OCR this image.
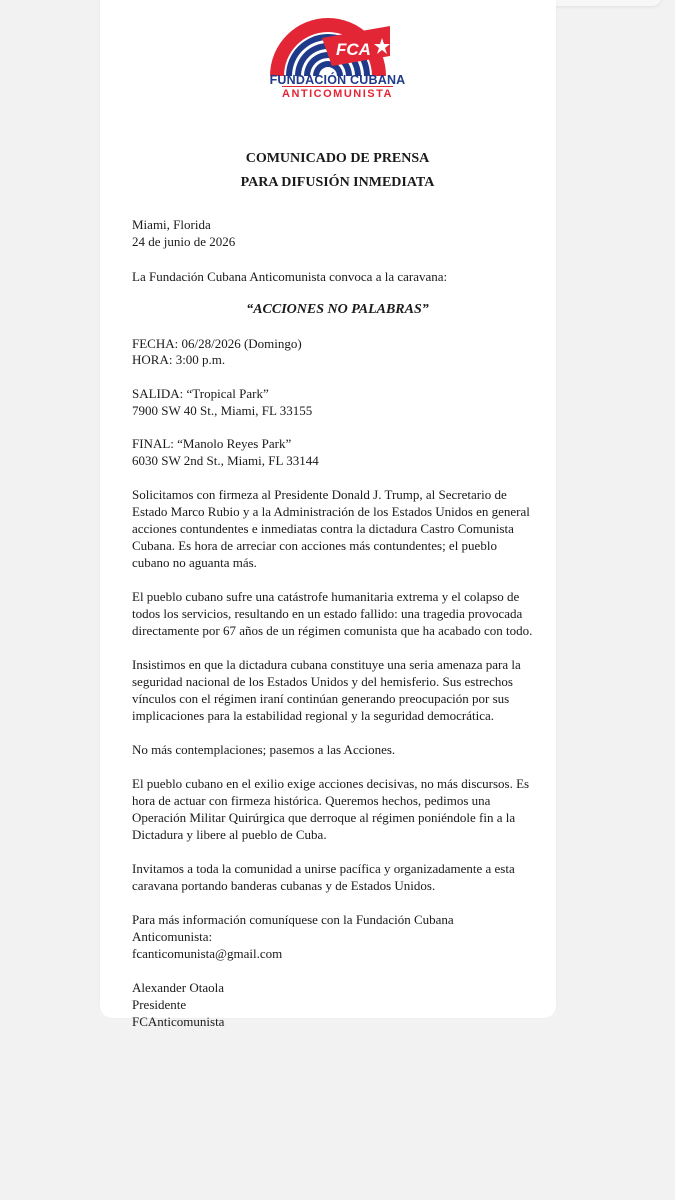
FCA
FUNDACIÓN CUBANA
ANTICOMUNISTA
COMUNICADO DE PRENSA
PARA DIFUSIÓN INMEDIATA
Miami, Florida
24 de junio de 2026
La Fundación Cubana Anticomunista convoca a la caravana:
“ACCIONES NO PALABRAS”
FECHA: 06/28/2026 (Domingo)
HORA: 3:00 p.m.
SALIDA: “Tropical Park”
7900 SW 40 St., Miami, FL 33155
FINAL: “Manolo Reyes Park”
6030 SW 2nd St., Miami, FL 33144
Solicitamos con firmeza al Presidente Donald J. Trump, al Secretario de
Estado Marco Rubio y a la Administración de los Estados Unidos en general
acciones contundentes e inmediatas contra la dictadura Castro Comunista
Cubana. Es hora de arreciar con acciones más contundentes; el pueblo
cubano no aguanta más.
El pueblo cubano sufre una catástrofe humanitaria extrema y el colapso de
todos los servicios, resultando en un estado fallido: una tragedia provocada
directamente por 67 años de un régimen comunista que ha acabado con todo.
Insistimos en que la dictadura cubana constituye una seria amenaza para la
seguridad nacional de los Estados Unidos y del hemisferio. Sus estrechos
vínculos con el régimen iraní continúan generando preocupación por sus
implicaciones para la estabilidad regional y la seguridad democrática.
No más contemplaciones; pasemos a las Acciones.
El pueblo cubano en el exilio exige acciones decisivas, no más discursos. Es
hora de actuar con firmeza histórica. Queremos hechos, pedimos una
Operación Militar Quirúrgica que derroque al régimen poniéndole fin a la
Dictadura y libere al pueblo de Cuba.
Invitamos a toda la comunidad a unirse pacífica y organizadamente a esta
caravana portando banderas cubanas y de Estados Unidos.
Para más información comuníquese con la Fundación Cubana
Anticomunista:
fcanticomunista@gmail.com
Alexander Otaola
Presidente
FCAnticomunista
